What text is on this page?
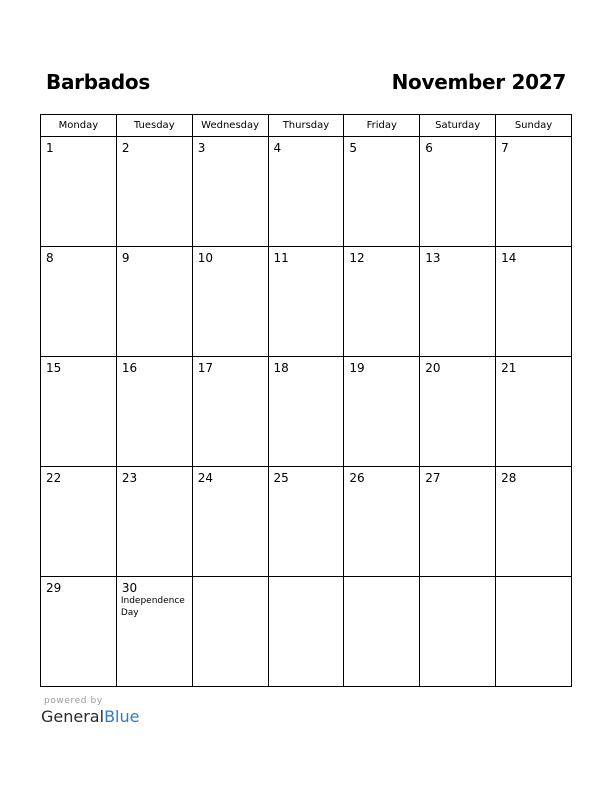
Barbados	November 2027
Monday	Tuesday	Wednesday	Thursday	Friday	Saturday	Sunday

1	2	3	4	5	6	7

8	9	10	11	12	13	14

15	16	17	18	19	20	21

22	23	24	25	26	27	28

29	30
Independence Day					

powered by
GeneralBlue
